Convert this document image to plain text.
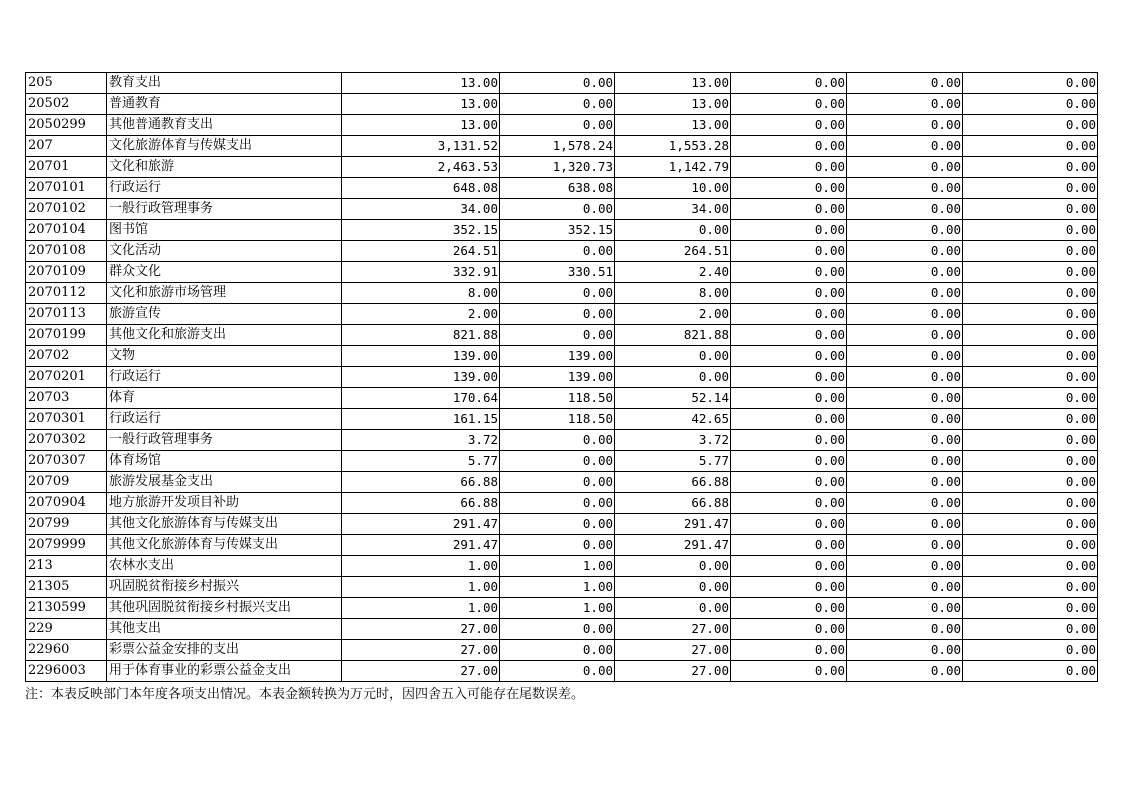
205	教育支出	13.00	0.00	13.00	0.00	0.00	0.00
20502	普通教育	13.00	0.00	13.00	0.00	0.00	0.00
2050299	其他普通教育支出	13.00	0.00	13.00	0.00	0.00	0.00
207	文化旅游体育与传媒支出	3,131.52	1,578.24	1,553.28	0.00	0.00	0.00
20701	文化和旅游	2,463.53	1,320.73	1,142.79	0.00	0.00	0.00
2070101	行政运行	648.08	638.08	10.00	0.00	0.00	0.00
2070102	一般行政管理事务	34.00	0.00	34.00	0.00	0.00	0.00
2070104	图书馆	352.15	352.15	0.00	0.00	0.00	0.00
2070108	文化活动	264.51	0.00	264.51	0.00	0.00	0.00
2070109	群众文化	332.91	330.51	2.40	0.00	0.00	0.00
2070112	文化和旅游市场管理	8.00	0.00	8.00	0.00	0.00	0.00
2070113	旅游宣传	2.00	0.00	2.00	0.00	0.00	0.00
2070199	其他文化和旅游支出	821.88	0.00	821.88	0.00	0.00	0.00
20702	文物	139.00	139.00	0.00	0.00	0.00	0.00
2070201	行政运行	139.00	139.00	0.00	0.00	0.00	0.00
20703	体育	170.64	118.50	52.14	0.00	0.00	0.00
2070301	行政运行	161.15	118.50	42.65	0.00	0.00	0.00
2070302	一般行政管理事务	3.72	0.00	3.72	0.00	0.00	0.00
2070307	体育场馆	5.77	0.00	5.77	0.00	0.00	0.00
20709	旅游发展基金支出	66.88	0.00	66.88	0.00	0.00	0.00
2070904	地方旅游开发项目补助	66.88	0.00	66.88	0.00	0.00	0.00
20799	其他文化旅游体育与传媒支出	291.47	0.00	291.47	0.00	0.00	0.00
2079999	其他文化旅游体育与传媒支出	291.47	0.00	291.47	0.00	0.00	0.00
213	农林水支出	1.00	1.00	0.00	0.00	0.00	0.00
21305	巩固脱贫衔接乡村振兴	1.00	1.00	0.00	0.00	0.00	0.00
2130599	其他巩固脱贫衔接乡村振兴支出	1.00	1.00	0.00	0.00	0.00	0.00
229	其他支出	27.00	0.00	27.00	0.00	0.00	0.00
22960	彩票公益金安排的支出	27.00	0.00	27.00	0.00	0.00	0.00
2296003	用于体育事业的彩票公益金支出	27.00	0.00	27.00	0.00	0.00	0.00
注：本表反映部门本年度各项支出情况。本表金额转换为万元时，因四舍五入可能存在尾数误差。
